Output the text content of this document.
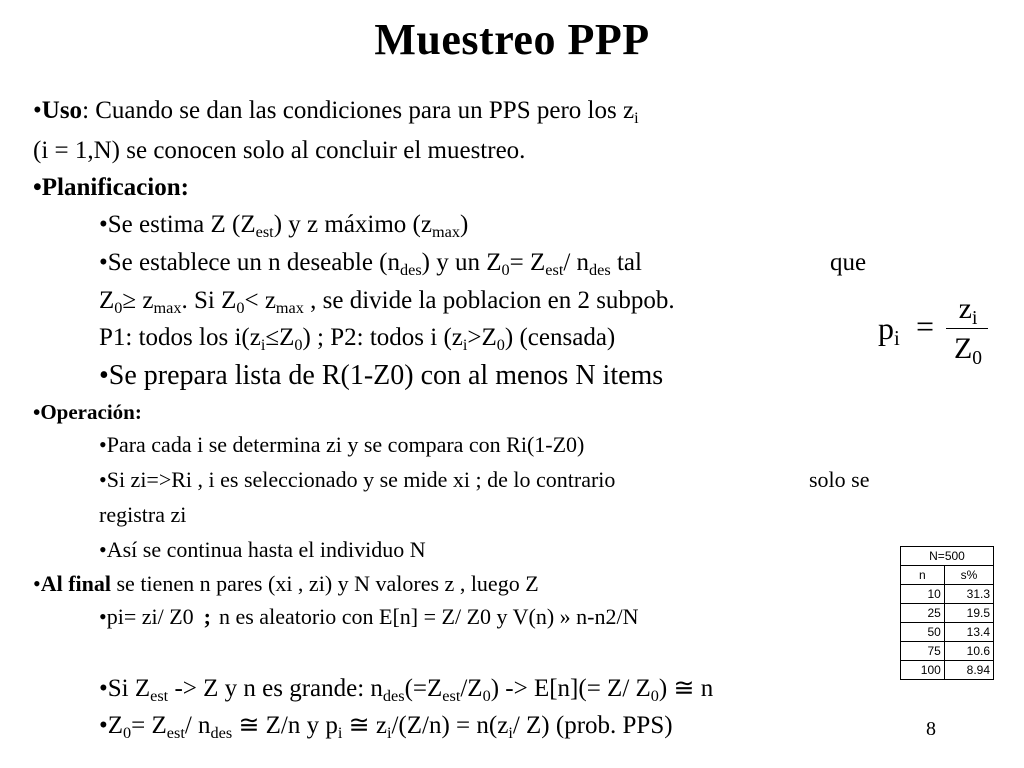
Muestreo PPP
•Uso: Cuando se dan las condiciones para un PPS pero los $z_i$
(i = 1,N) se conocen solo al concluir el muestreo.
•Planificacion:
•Se estima Z $(Z_{est})$ y z máximo $(z_{max})$
•Se establece un n deseable $(n_{des})$ y un $Z_0= Z_{est}/$ $n_{des}$ tal	que
$Z_0\ge z_{max}$. Si $Z_0< z_{max}$ , se divide la poblacion en 2 subpob.
P1: todos los $i(z_i\le Z_0)$ ; P2: todos i $(z_i>Z_0)$ (censada)
•Se prepara lista de R(1-Z0) con al menos N items
•Operación:
•Para cada i se determina zi y se compara con Ri(1-Z0)
•Si zi=>Ri , i es seleccionado y se mide xi ; de lo contrario	solo se
registra zi
•Así se continua hasta el individuo N
•Al final se tienen n pares (xi , zi) y N valores z , luego Z
•pi= zi/ Z0 ; n es aleatorio con E[n] = Z/ Z0 y V(n) » n-n2/N
•Si $Z_{est} -> Z$ y n es grande: $n_{des}(=Z_{est}/Z_0) -> E[n](= Z/$ $Z_0$) ≅ n
$•Z_0= Z_{est}/$ $n_{des}$ ≅ Z/n y $p_i$ ≅ $z_i/(Z/n) = n(z_i/$ Z) (prob. PPS)
$p_i = z_i$
$Z_0$
N=500	
n	s%
10	31.3
25	19.5
50	13.4
75	10.6
100	8.94
8
